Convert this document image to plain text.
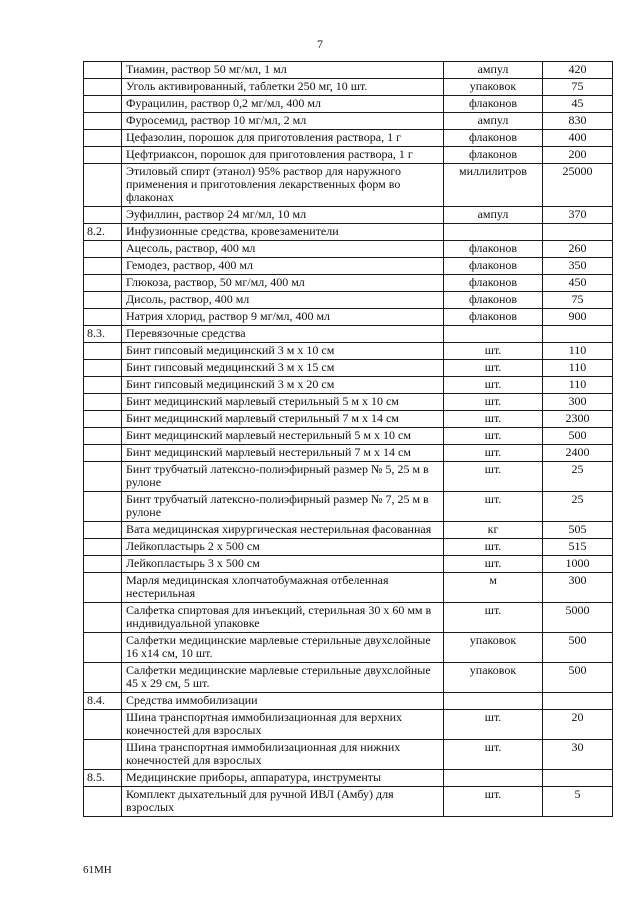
7
	Тиамин, раствор 50 мг/мл, 1 мл	ампул	420
	Уголь активированный, таблетки 250 мг, 10 шт.	упаковок	75
	Фурацилин, раствор 0,2 мг/мл, 400 мл	флаконов	45
	Фуросемид, раствор 10 мг/мл, 2 мл	ампул	830
	Цефазолин, порошок для приготовления раствора, 1 г	флаконов	400
	Цефтриаксон, порошок для приготовления раствора, 1 г	флаконов	200
	Этиловый спирт (этанол) 95% раствор для наружного применения и приготовления лекарственных форм во флаконах	миллилитров	25000
	Эуфиллин, раствор 24 мг/мл, 10 мл	ампул	370
8.2.	Инфузионные средства, кровезаменители		
	Ацесоль, раствор, 400 мл	флаконов	260
	Гемодез, раствор, 400 мл	флаконов	350
	Глюкоза, раствор, 50 мг/мл, 400 мл	флаконов	450
	Дисоль, раствор, 400 мл	флаконов	75
	Натрия хлорид, раствор 9 мг/мл, 400 мл	флаконов	900
8.3.	Перевязочные средства		
	Бинт гипсовый медицинский 3 м х 10 см	шт.	110
	Бинт гипсовый медицинский 3 м х 15 см	шт.	110
	Бинт гипсовый медицинский 3 м х 20 см	шт.	110
	Бинт медицинский марлевый стерильный 5 м х 10 см	шт.	300
	Бинт медицинский марлевый стерильный 7 м х 14 см	шт.	2300
	Бинт медицинский марлевый нестерильный 5 м х 10 см	шт.	500
	Бинт медицинский марлевый нестерильный 7 м х 14 см	шт.	2400
	Бинт трубчатый латексно-полиэфирный размер № 5, 25 м в рулоне	шт.	25
	Бинт трубчатый латексно-полиэфирный размер № 7, 25 м в рулоне	шт.	25
	Вата медицинская хирургическая нестерильная фасованная	кг	505
	Лейкопластырь 2 х 500 см	шт.	515
	Лейкопластырь 3 х 500 см	шт.	1000
	Марля медицинская хлопчатобумажная отбеленная нестерильная	м	300
	Салфетка спиртовая для инъекций, стерильная 30 х 60 мм в индивидуальной упаковке	шт.	5000
	Салфетки медицинские марлевые стерильные двухслойные 16 х14 см, 10 шт.	упаковок	500
	Салфетки медицинские марлевые стерильные двухслойные 45 х 29 см, 5 шт.	упаковок	500
8.4.	Средства иммобилизации		
	Шина транспортная иммобилизационная для верхних конечностей для взрослых	шт.	20
	Шина транспортная иммобилизационная для нижних конечностей для взрослых	шт.	30
8.5.	Медицинские приборы, аппаратура, инструменты		
	Комплект дыхательный для ручной ИВЛ (Амбу) для взрослых	шт.	5
61МН
